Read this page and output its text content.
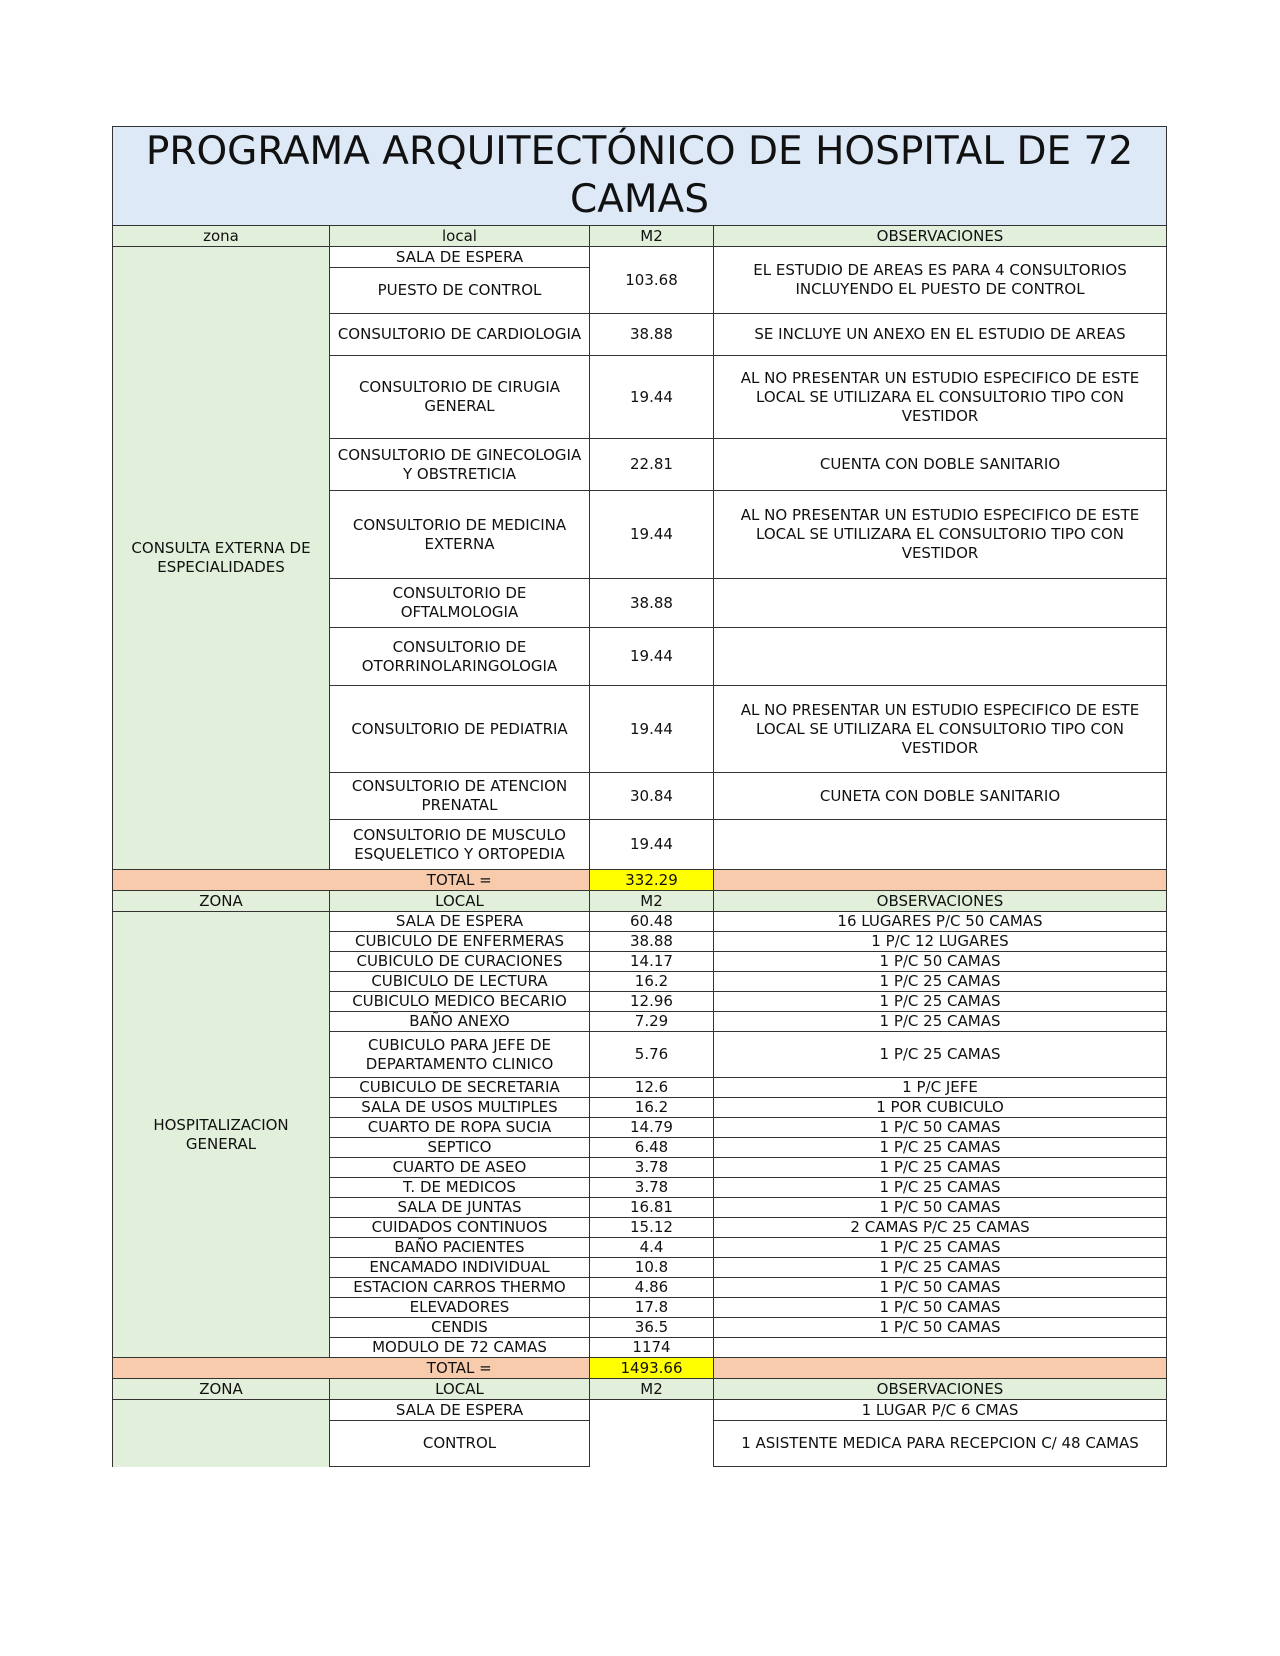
PROGRAMA ARQUITECTÓNICO DE HOSPITAL DE 72 CAMAS			
zona	local	M2	OBSERVACIONES
CONSULTA EXTERNA DE ESPECIALIDADES	SALA DE ESPERA	103.68	EL ESTUDIO DE AREAS ES PARA 4 CONSULTORIOS INCLUYENDO EL PUESTO DE CONTROL
	PUESTO DE CONTROL		
	CONSULTORIO DE CARDIOLOGIA	38.88	SE INCLUYE UN ANEXO EN EL ESTUDIO DE AREAS
	CONSULTORIO DE CIRUGIA GENERAL	19.44	AL NO PRESENTAR UN ESTUDIO ESPECIFICO DE ESTE LOCAL SE UTILIZARA EL CONSULTORIO TIPO CON VESTIDOR
	CONSULTORIO DE GINECOLOGIA Y OBSTRETICIA	22.81	CUENTA CON DOBLE SANITARIO
	CONSULTORIO DE MEDICINA EXTERNA	19.44	AL NO PRESENTAR UN ESTUDIO ESPECIFICO DE ESTE LOCAL SE UTILIZARA EL CONSULTORIO TIPO CON VESTIDOR
	CONSULTORIO DE OFTALMOLOGIA	38.88	
	CONSULTORIO DE OTORRINOLARINGOLOGIA	19.44	
	CONSULTORIO DE PEDIATRIA	19.44	AL NO PRESENTAR UN ESTUDIO ESPECIFICO DE ESTE LOCAL SE UTILIZARA EL CONSULTORIO TIPO CON VESTIDOR
	CONSULTORIO DE ATENCION PRENATAL	30.84	CUNETA CON DOBLE SANITARIO
	CONSULTORIO DE MUSCULO ESQUELETICO Y ORTOPEDIA	19.44	

	TOTAL =	332.29	
ZONA	LOCAL	M2	OBSERVACIONES
HOSPITALIZACION GENERAL	SALA DE ESPERA	60.48	16 LUGARES P/C 50 CAMAS
	CUBICULO DE ENFERMERAS	38.88	1 P/C 12 LUGARES
	CUBICULO DE CURACIONES	14.17	1 P/C 50 CAMAS
	CUBICULO DE LECTURA	16.2	1 P/C 25 CAMAS
	CUBICULO MEDICO BECARIO	12.96	1 P/C 25 CAMAS
	BAÑO ANEXO	7.29	1 P/C 25 CAMAS
	CUBICULO PARA JEFE DE DEPARTAMENTO CLINICO	5.76	1 P/C 25 CAMAS
	CUBICULO DE SECRETARIA	12.6	1 P/C JEFE
	SALA DE USOS MULTIPLES	16.2	1 POR CUBICULO
	CUARTO DE ROPA SUCIA	14.79	1 P/C 50 CAMAS
	SEPTICO	6.48	1 P/C 25 CAMAS
	CUARTO DE ASEO	3.78	1 P/C 25 CAMAS
	T. DE MEDICOS	3.78	1 P/C 25 CAMAS
	SALA DE JUNTAS	16.81	1 P/C 50 CAMAS
	CUIDADOS CONTINUOS	15.12	2 CAMAS P/C 25 CAMAS
	BAÑO PACIENTES	4.4	1 P/C 25 CAMAS
	ENCAMADO INDIVIDUAL	10.8	1 P/C 25 CAMAS
	ESTACION CARROS THERMO	4.86	1 P/C 50 CAMAS
	ELEVADORES	17.8	1 P/C 50 CAMAS
	CENDIS	36.5	1 P/C 50 CAMAS
	MODULO DE 72 CAMAS	1174	
	TOTAL =	1493.66	
ZONA	LOCAL	M2	OBSERVACIONES
	SALA DE ESPERA		1 LUGAR P/C 6 CMAS
	CONTROL		1 ASISTENTE MEDICA PARA RECEPCION C/ 48 CAMAS
